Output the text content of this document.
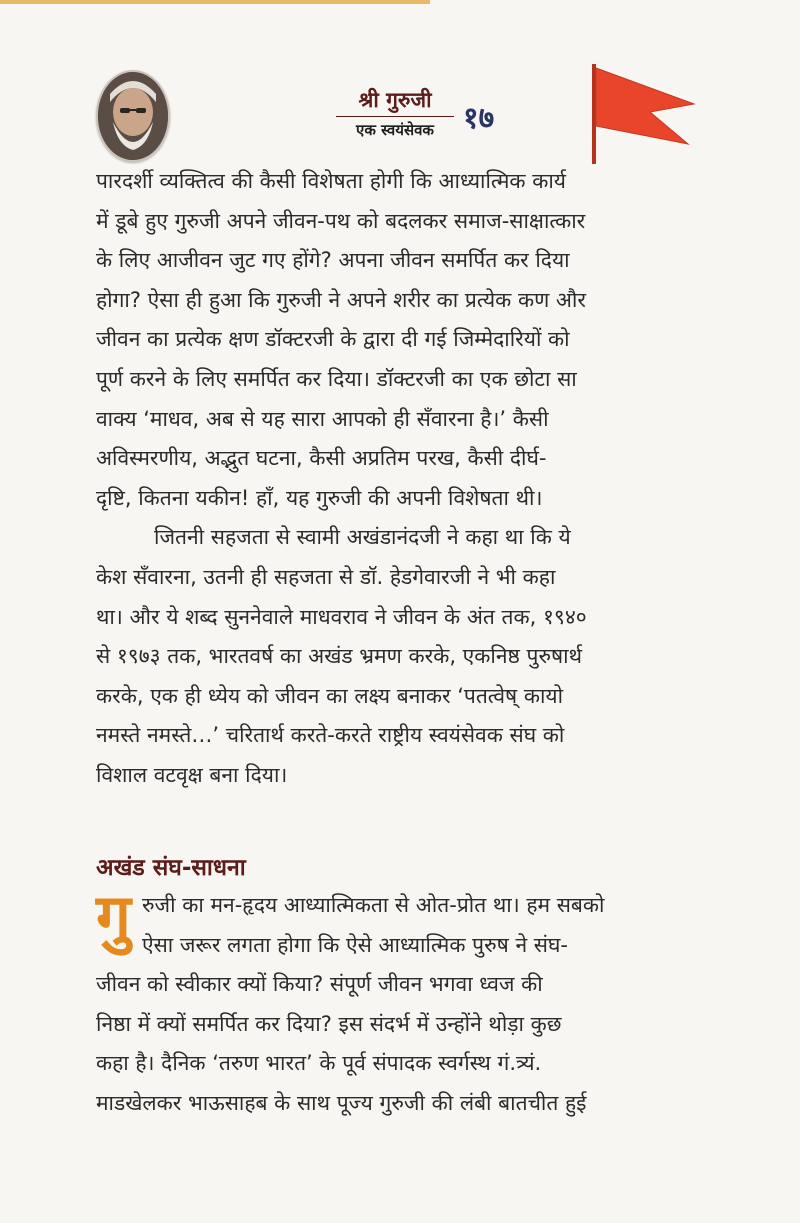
श्री गुरुजी
एक स्वयंसेवक १७
पारदर्शी व्यक्तित्व की कैसी विशेषता होगी कि आध्यात्मिक कार्य
में डूबे हुए गुरुजी अपने जीवन-पथ को बदलकर समाज-साक्षात्कार
के लिए आजीवन जुट गए होंगे? अपना जीवन समर्पित कर दिया
होगा? ऐसा ही हुआ कि गुरुजी ने अपने शरीर का प्रत्येक कण और
जीवन का प्रत्येक क्षण डॉक्टरजी के द्वारा दी गई जिम्मेदारियों को
पूर्ण करने के लिए समर्पित कर दिया। डॉक्टरजी का एक छोटा सा
वाक्य ‘माधव, अब से यह सारा आपको ही सँवारना है।’ कैसी
अविस्मरणीय, अद्भुत घटना, कैसी अप्रतिम परख, कैसी दीर्घ-
दृष्टि, कितना यकीन! हाँ, यह गुरुजी की अपनी विशेषता थी।
जितनी सहजता से स्वामी अखंडानंदजी ने कहा था कि ये
केश सँवारना, उतनी ही सहजता से डॉ. हेडगेवारजी ने भी कहा
था। और ये शब्द सुननेवाले माधवराव ने जीवन के अंत तक, १९४०
से १९७३ तक, भारतवर्ष का अखंड भ्रमण करके, एकनिष्ठ पुरुषार्थ
करके, एक ही ध्येय को जीवन का लक्ष्य बनाकर ‘पतत्वेष् कायो
नमस्ते नमस्ते…’ चरितार्थ करते-करते राष्ट्रीय स्वयंसेवक संघ को
विशाल वटवृक्ष बना दिया।
अखंड संघ-साधना
गु रुजी का मन-हृदय आध्यात्मिकता से ओत-प्रोत था। हम सबको
ऐसा जरूर लगता होगा कि ऐसे आध्यात्मिक पुरुष ने संघ-
जीवन को स्वीकार क्यों किया? संपूर्ण जीवन भगवा ध्वज की
निष्ठा में क्यों समर्पित कर दिया? इस संदर्भ में उन्होंने थोड़ा कुछ
कहा है। दैनिक ‘तरुण भारत’ के पूर्व संपादक स्वर्गस्थ गं.त्र्यं.
माडखेलकर भाऊसाहब के साथ पूज्य गुरुजी की लंबी बातचीत हुई
